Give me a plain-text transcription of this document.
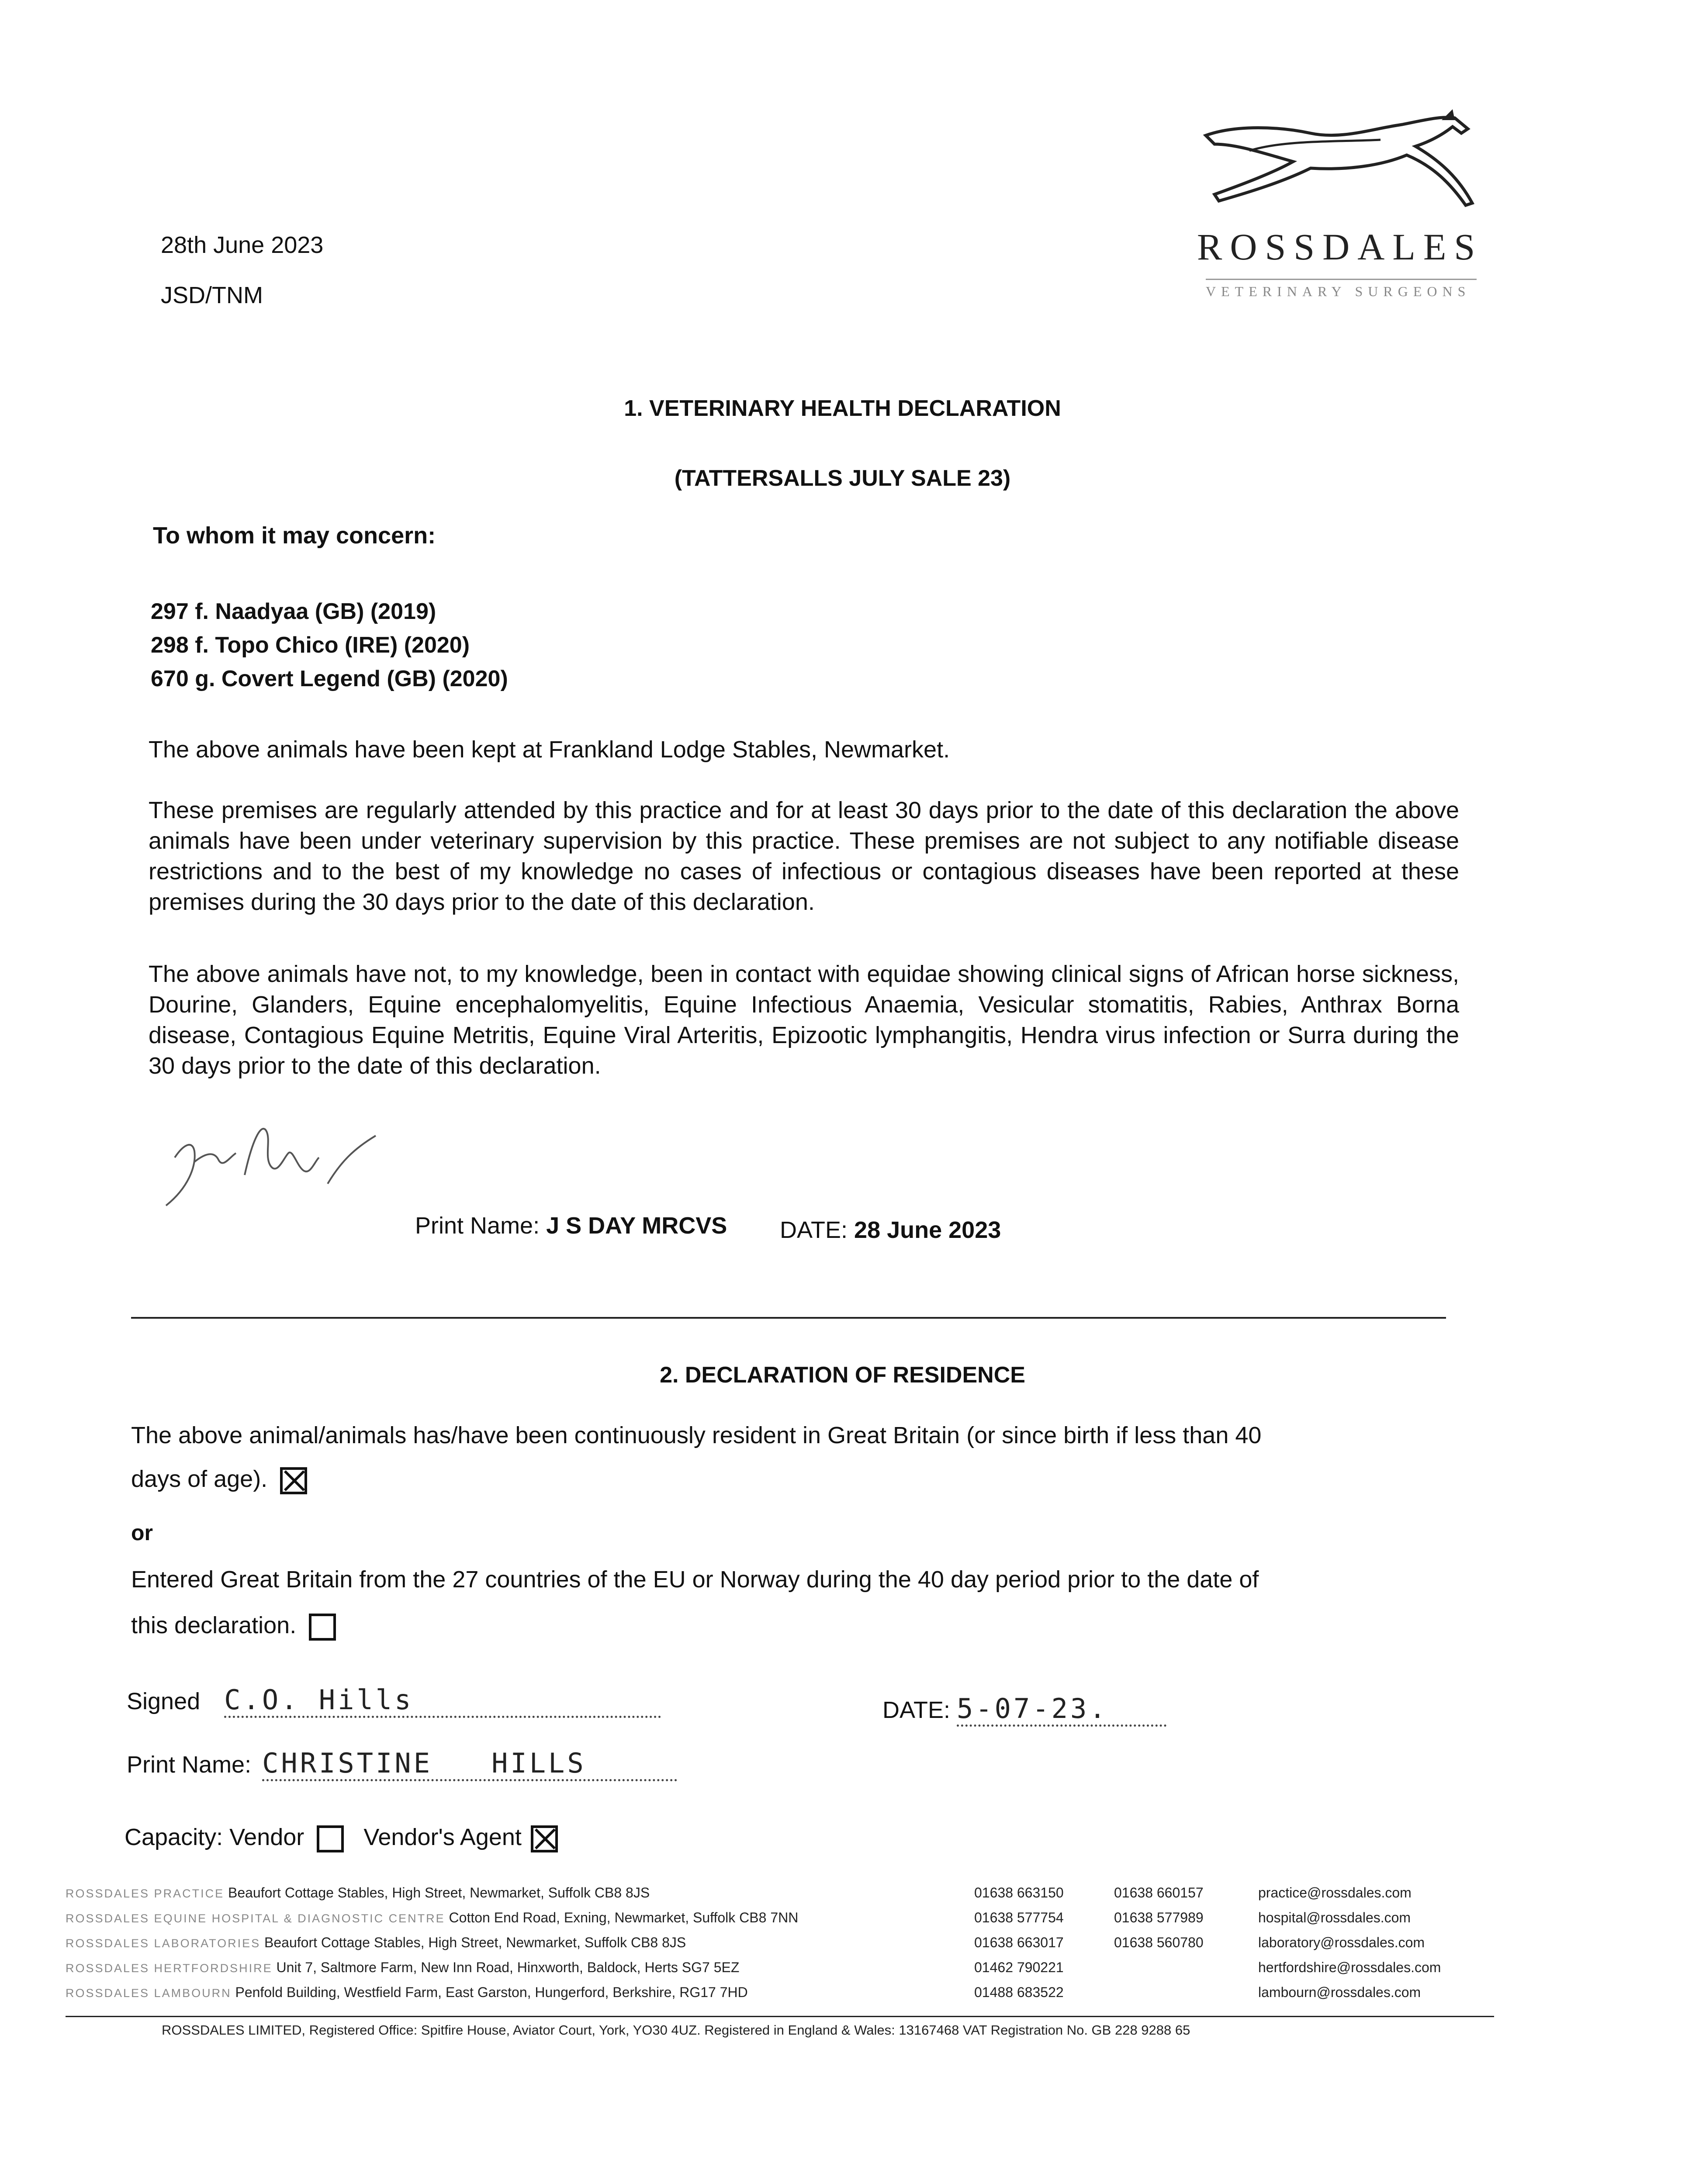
28th June 2023
JSD/TNM
ROSSDALES
VETERINARY SURGEONS
1. VETERINARY HEALTH DECLARATION
(TATTERSALLS JULY SALE 23)
To whom it may concern:
297 f. Naadyaa (GB) (2019)
298 f. Topo Chico (IRE) (2020)
670 g. Covert Legend (GB) (2020)
The above animals have been kept at Frankland Lodge Stables, Newmarket.
These premises are regularly attended by this practice and for at least 30 days prior to the date of this declaration the above animals have been under veterinary supervision by this practice. These premises are not subject to any notifiable disease restrictions and to the best of my knowledge no cases of infectious or contagious diseases have been reported at these premises during the 30 days prior to the date of this declaration.
The above animals have not, to my knowledge, been in contact with equidae showing clinical signs of African horse sickness, Dourine, Glanders, Equine encephalomyelitis, Equine Infectious Anaemia, Vesicular stomatitis, Rabies, Anthrax Borna disease, Contagious Equine Metritis, Equine Viral Arteritis, Epizootic lymphangitis, Hendra virus infection or Surra during the 30 days prior to the date of this declaration.
Print Name: J S DAY MRCVS DATE: 28 June 2023
2. DECLARATION OF RESIDENCE
The above animal/animals has/have been continuously resident in Great Britain (or since birth if less than 40
days of age).
or
Entered Great Britain from the 27 countries of the EU or Norway during the 40 day period prior to the date of
this declaration.
Signed C.O. Hills	DATE: 5-07-23.
Print Name: CHRISTINE HILLS
Capacity: Vendor	Vendor's Agent
ROSSDALES PRACTICE Beaufort Cottage Stables, High Street, Newmarket, Suffolk CB8 8JS
ROSSDALES EQUINE HOSPITAL & DIAGNOSTIC CENTRE Cotton End Road, Exning, Newmarket, Suffolk CB8 7NN
ROSSDALES LABORATORIES Beaufort Cottage Stables, High Street, Newmarket, Suffolk CB8 8JS
ROSSDALES HERTFORDSHIRE Unit 7, Saltmore Farm, New Inn Road, Hinxworth, Baldock, Herts SG7 5EZ
ROSSDALES LAMBOURN Penfold Building, Westfield Farm, East Garston, Hungerford, Berkshire, RG17 7HD
01638 663150
01638 577754
01638 663017
01462 790221
01488 683522
01638 660157
01638 577989
01638 560780
practice@rossdales.com
hospital@rossdales.com
laboratory@rossdales.com
hertfordshire@rossdales.com
lambourn@rossdales.com
ROSSDALES LIMITED, Registered Office: Spitfire House, Aviator Court, York, YO30 4UZ. Registered in England & Wales: 13167468 VAT Registration No. GB 228 9288 65
